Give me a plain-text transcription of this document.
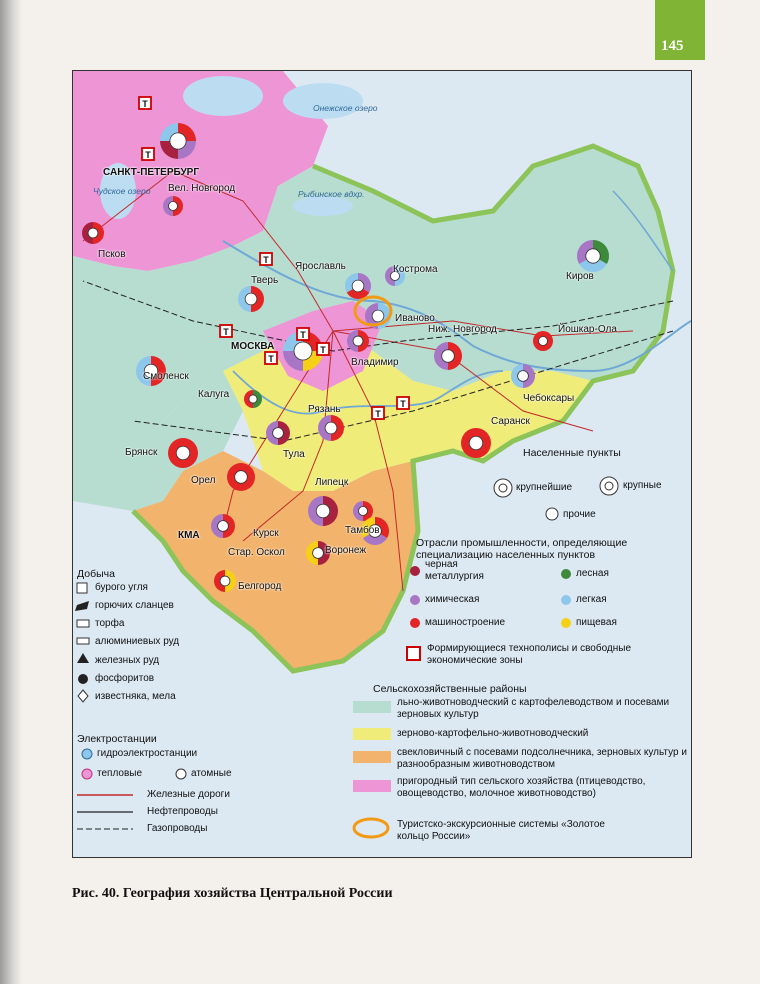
145
Онежское озеро
Рыбинское вдхр.
Чудское озеро
Т
Т
Т
Т
Т
Т
Т
Т
Т
САНКТ-ПЕТЕРБУРГ
Вел. Новгород
Псков
Тверь
Ярославль	Кострома
Иваново
Киров
МОСКВА
Смоленск
Калуга
Владимир
Ниж. Новгород	Йошкар-Ола
Чебоксары
Рязань
Тула
Брянск
Саранск
Орел	Липецк
Тамбов
Курск
КМА
Стар. Оскол	Воронеж
Белгород
Населенные пункты
крупнейшие	крупные
прочие
Отрасли промышленности, определяющие специализацию населенных пунктов
черная металлургия	лесная
химическая	легкая
машиностроение	пищевая
Формирующиеся технополисы и свободные экономические зоны
Добыча
бурого угля
горючих сланцев
торфа
алюминиевых руд
железных руд
фосфоритов
известняка, мела
Электростанции
гидроэлектростанции
тепловые	атомные
Железные дороги
Нефтепроводы
Газопроводы
Сельскохозяйственные районы
льно-животноводческий с картофелеводством и посевами зерновых культур
зерново-картофельно-животноводческий
свекловичный с посевами подсолнечника, зерновых культур и разнообразным животноводством
пригородный тип сельского хозяйства (птицеводство, овощеводство, молочное животноводство)
Туристско-экскурсионные системы «Золотое кольцо России»
Рис. 40. География хозяйства Центральной России
